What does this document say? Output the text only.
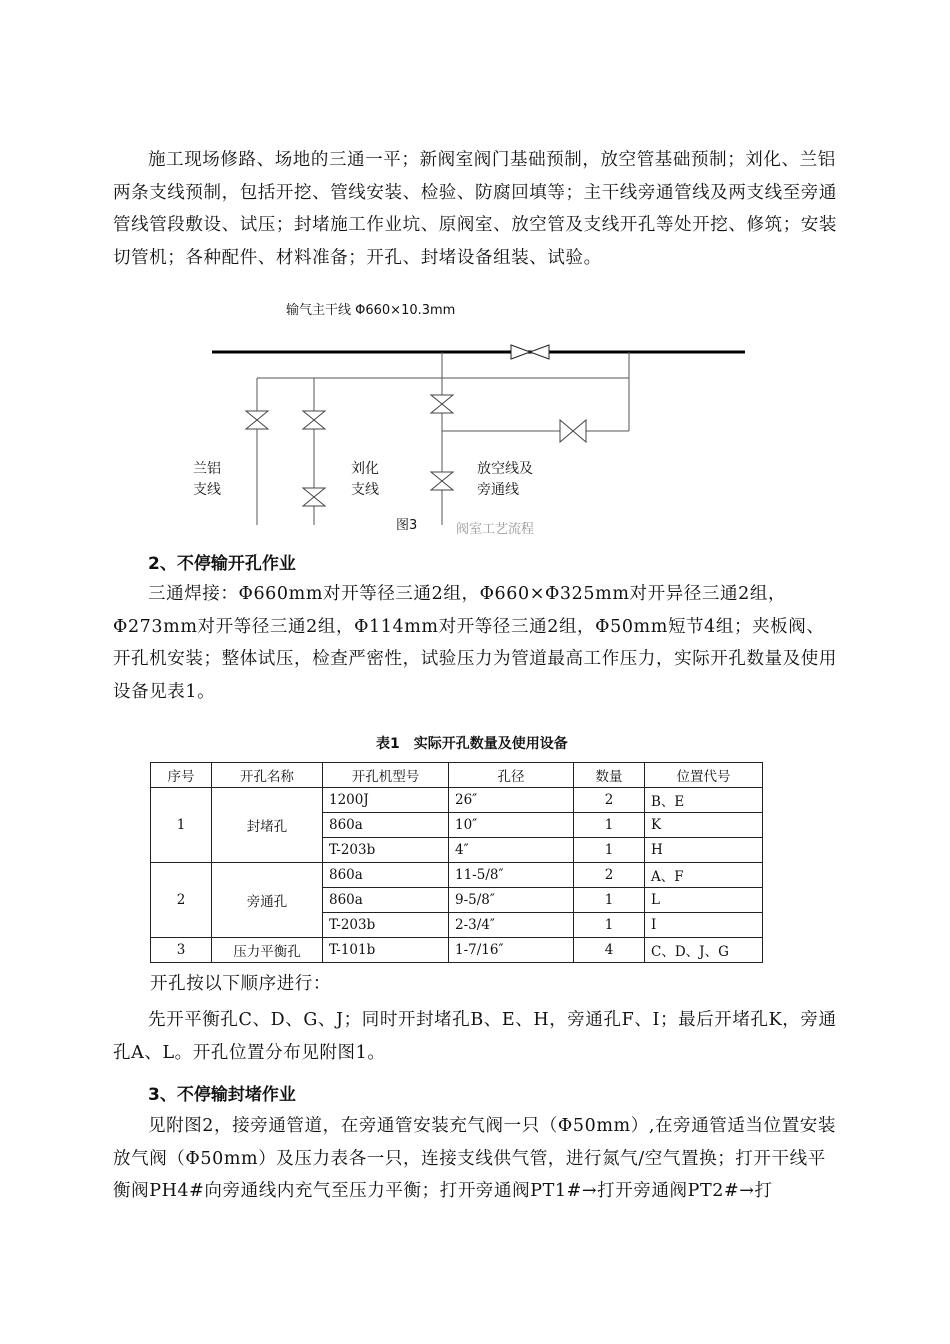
施工现场修路、场地的三通一平；新阀室阀门基础预制，放空管基础预制；刘化、兰铝两条支线预制，包括开挖、管线安装、检验、防腐回填等；主干线旁通管线及两支线至旁通管线管段敷设、试压；封堵施工作业坑、原阀室、放空管及支线开孔等处开挖、修筑；安装切管机；各种配件、材料准备；开孔、封堵设备组装、试验。

输气主干线 Φ660×10.3mm
兰铝
支线
刘化
支线
放空线及
旁通线
图3

2、不停输开孔作业

三通焊接：Φ660mm对开等径三通2组，Φ660×Φ325mm对开异径三通2组，Φ273mm对开等径三通2组，Φ114mm对开等径三通2组，Φ50mm短节4组；夹板阀、开孔机安装；整体试压，检查严密性，试验压力为管道最高工作压力，实际开孔数量及使用设备见表1。

表1　实际开孔数量及使用设备
序号	开孔名称	开孔机型号	孔径	数量	位置代号
1	封堵孔	1200J	26″	2	B、E
		860a	10″	1	K
		T-203b	4″	1	H
2	旁通孔	860a	11-5/8″	2	A、F
		860a	9-5/8″	1	L
		T-203b	2-3/4″	1	I
3	压力平衡孔	T-101b	1-7/16″	4	C、D、J、G

开孔按以下顺序进行：

先开平衡孔C、D、G、J；同时开封堵孔B、E、H，旁通孔F、I；最后开堵孔K，旁通孔A、L。开孔位置分布见附图1。

3、不停输封堵作业

见附图2，接旁通管道，在旁通管安装充气阀一只（Φ50mm）,在旁通管适当位置安装放气阀（Φ50mm）及压力表各一只，连接支线供气管，进行氮气/空气置换；打开干线平衡阀PH4#向旁通线内充气至压力平衡；打开旁通阀PT1#→打开旁通阀PT2#→打
